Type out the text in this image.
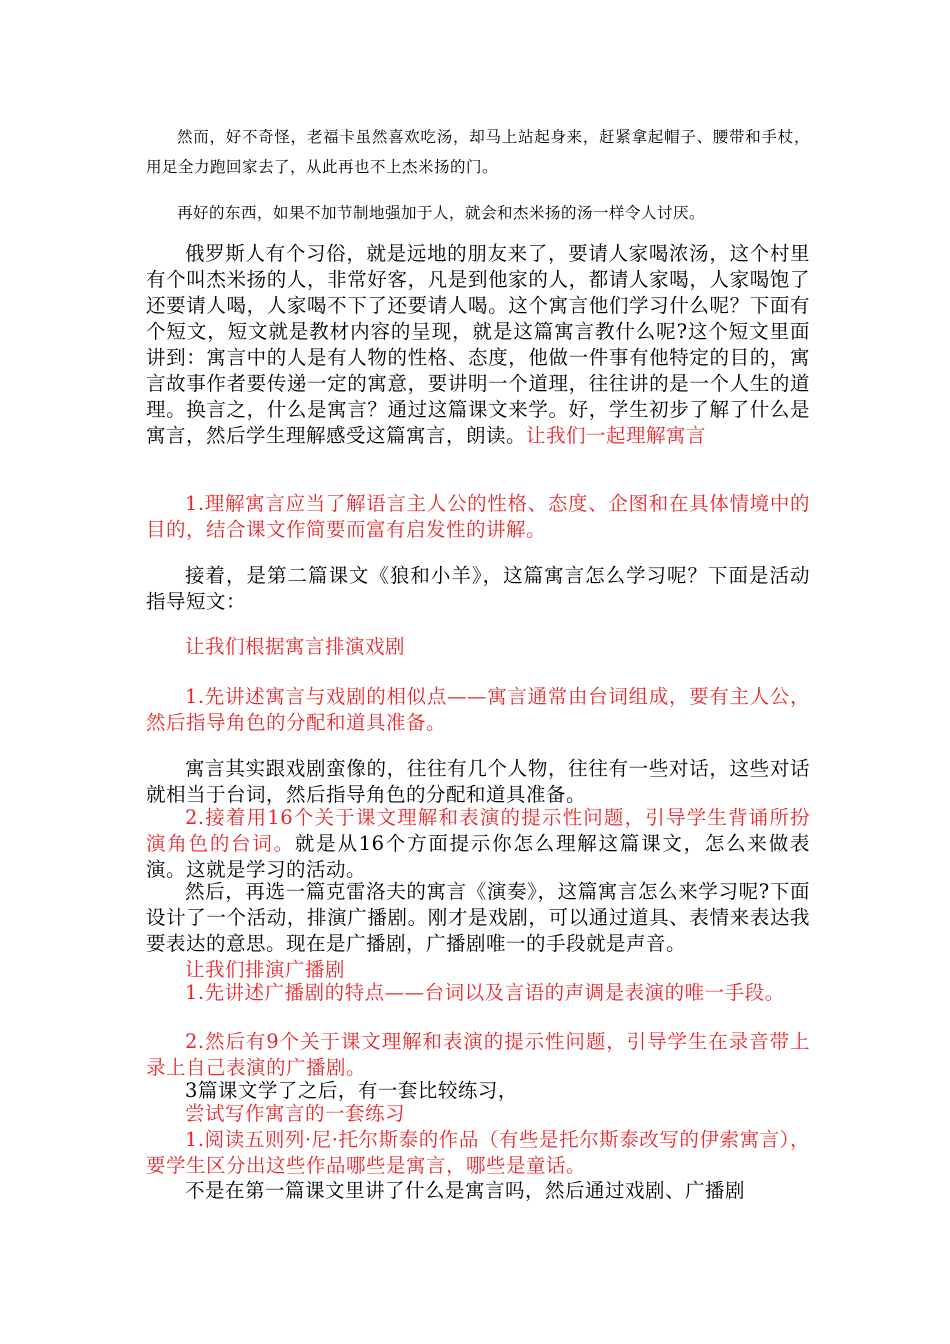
然而，好不奇怪，老福卡虽然喜欢吃汤，却马上站起身来，赶紧拿起帽子、腰带和手杖，用足全力跑回家去了，从此再也不上杰米扬的门。

再好的东西，如果不加节制地强加于人，就会和杰米扬的汤一样令人讨厌。

俄罗斯人有个习俗，就是远地的朋友来了，要请人家喝浓汤，这个村里有个叫杰米扬的人，非常好客，凡是到他家的人，都请人家喝，人家喝饱了还要请人喝，人家喝不下了还要请人喝。这个寓言他们学习什么呢？下面有个短文，短文就是教材内容的呈现，就是这篇寓言教什么呢?这个短文里面讲到：寓言中的人是有人物的性格、态度，他做一件事有他特定的目的，寓言故事作者要传递一定的寓意，要讲明一个道理，往往讲的是一个人生的道理。换言之，什么是寓言？通过这篇课文来学。好，学生初步了解了什么是寓言，然后学生理解感受这篇寓言，朗读。让我们一起理解寓言

1.理解寓言应当了解语言主人公的性格、态度、企图和在具体情境中的目的，结合课文作简要而富有启发性的讲解。

接着，是第二篇课文《狼和小羊》，这篇寓言怎么学习呢？下面是活动指导短文：

让我们根据寓言排演戏剧

1.先讲述寓言与戏剧的相似点——寓言通常由台词组成，要有主人公，然后指导角色的分配和道具准备。

寓言其实跟戏剧蛮像的，往往有几个人物，往往有一些对话，这些对话就相当于台词，然后指导角色的分配和道具准备。

2.接着用16个关于课文理解和表演的提示性问题，引导学生背诵所扮演角色的台词。就是从16个方面提示你怎么理解这篇课文，怎么来做表演。这就是学习的活动。

然后，再选一篇克雷洛夫的寓言《演奏》，这篇寓言怎么来学习呢?下面设计了一个活动，排演广播剧。刚才是戏剧，可以通过道具、表情来表达我要表达的意思。现在是广播剧，广播剧唯一的手段就是声音。

让我们排演广播剧

1.先讲述广播剧的特点——台词以及言语的声调是表演的唯一手段。

2.然后有9个关于课文理解和表演的提示性问题，引导学生在录音带上录上自己表演的广播剧。

3篇课文学了之后，有一套比较练习，

尝试写作寓言的一套练习

1.阅读五则列·尼·托尔斯泰的作品（有些是托尔斯泰改写的伊索寓言），要学生区分出这些作品哪些是寓言，哪些是童话。

不是在第一篇课文里讲了什么是寓言吗，然后通过戏剧、广播剧
